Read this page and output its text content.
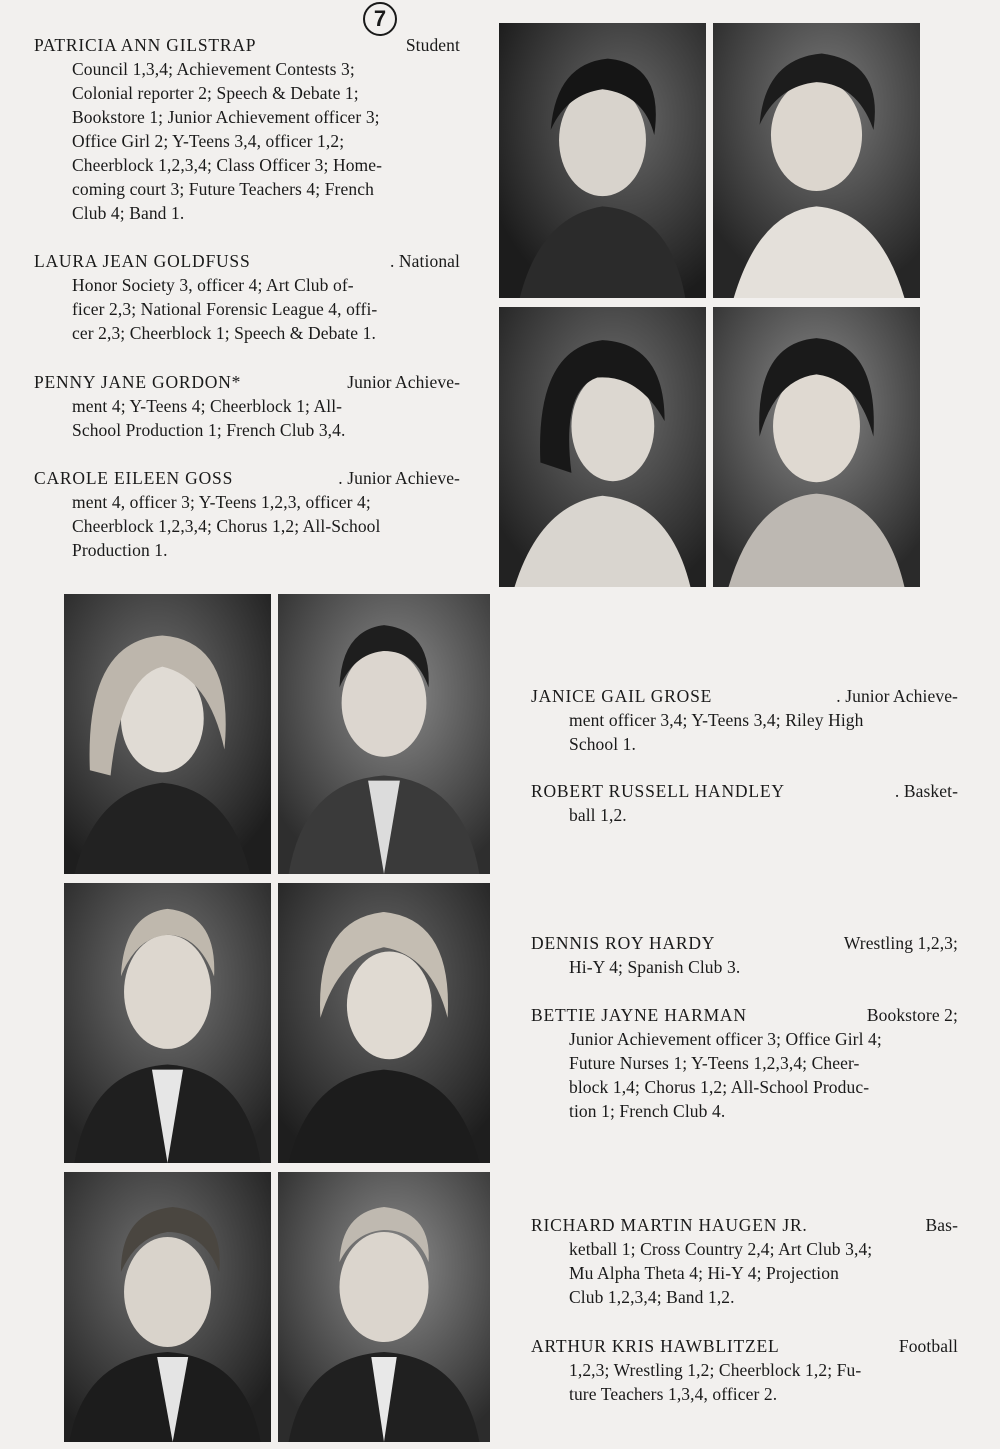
7
PATRICIA ANN GILSTRAP	Student
Council 1,3,4; Achievement Contests 3;
Colonial reporter 2; Speech & Debate 1;
Bookstore 1; Junior Achievement officer 3;
Office Girl 2; Y-Teens 3,4, officer 1,2;
Cheerblock 1,2,3,4; Class Officer 3; Home-
coming court 3; Future Teachers 4; French
Club 4; Band 1.
LAURA JEAN GOLDFUSS	. National
Honor Society 3, officer 4; Art Club of-
ficer 2,3; National Forensic League 4, offi-
cer 2,3; Cheerblock 1; Speech & Debate 1.
PENNY JANE GORDON*	Junior Achieve-
ment 4; Y-Teens 4; Cheerblock 1; All-
School Production 1; French Club 3,4.
CAROLE EILEEN GOSS	. Junior Achieve-
ment 4, officer 3; Y-Teens 1,2,3, officer 4;
Cheerblock 1,2,3,4; Chorus 1,2; All-School
Production 1.
JANICE GAIL GROSE	. Junior Achieve-
ment officer 3,4; Y-Teens 3,4; Riley High
School 1.
ROBERT RUSSELL HANDLEY	. Basket-
ball 1,2.
DENNIS ROY HARDY	Wrestling 1,2,3;
Hi-Y 4; Spanish Club 3.
BETTIE JAYNE HARMAN	Bookstore 2;
Junior Achievement officer 3; Office Girl 4;
Future Nurses 1; Y-Teens 1,2,3,4; Cheer-
block 1,4; Chorus 1,2; All-School Produc-
tion 1; French Club 4.
RICHARD MARTIN HAUGEN JR.	Bas-
ketball 1; Cross Country 2,4; Art Club 3,4;
Mu Alpha Theta 4; Hi-Y 4; Projection
Club 1,2,3,4; Band 1,2.
ARTHUR KRIS HAWBLITZEL	Football
1,2,3; Wrestling 1,2; Cheerblock 1,2; Fu-
ture Teachers 1,3,4, officer 2.
